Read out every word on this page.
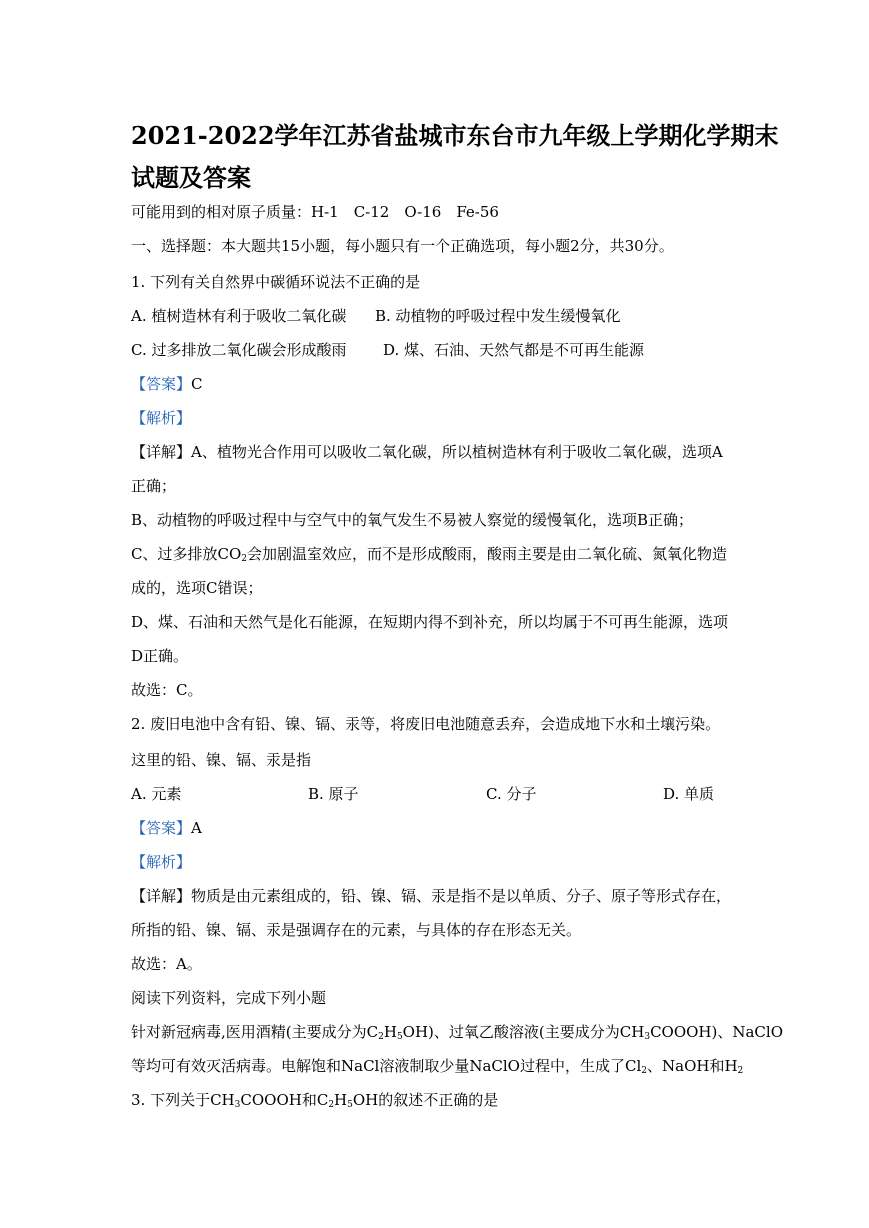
2021-2022学年江苏省盐城市东台市九年级上学期化学期末
试题及答案
可能用到的相对原子质量：H-1　C-12　O-16　Fe-56
一、选择题：本大题共15小题，每小题只有一个正确选项，每小题2分，共30分。
1. 下列有关自然界中碳循环说法不正确的是
A. 植树造林有利于吸收二氧化碳 B. 动植物的呼吸过程中发生缓慢氧化
C. 过多排放二氧化碳会形成酸雨 D. 煤、石油、天然气都是不可再生能源
【答案】C
【解析】
【详解】A、植物光合作用可以吸收二氧化碳，所以植树造林有利于吸收二氧化碳，选项A
正确；
B、动植物的呼吸过程中与空气中的氧气发生不易被人察觉的缓慢氧化，选项B正确；
C、过多排放$CO_2$会加剧温室效应，而不是形成酸雨，酸雨主要是由二氧化硫、氮氧化物造
成的，选项C错误；
D、煤、石油和天然气是化石能源，在短期内得不到补充，所以均属于不可再生能源，选项
D正确。
故选：C。
2. 废旧电池中含有铅、镍、镉、汞等，将废旧电池随意丢弃，会造成地下水和土壤污染。
这里的铅、镍、镉、汞是指
A. 元素	B. 原子	C. 分子	D. 单质
【答案】A
【解析】
【详解】物质是由元素组成的，铅、镍、镉、汞是指不是以单质、分子、原子等形式存在，
所指的铅、镍、镉、汞是强调存在的元素，与具体的存在形态无关。
故选：A。
阅读下列资料，完成下列小题
针对新冠病毒,医用酒精(主要成分为$C_2H_5OH$)、过氧乙酸溶液(主要成分为$CH_3COOOH$)、NaClO
等均可有效灭活病毒。电解饱和NaCl溶液制取少量NaClO过程中，生成了$Cl_2$、NaOH和$H_2$
3. 下列关于$CH_3COOOH$和$C_2H_5OH$的叙述不正确的是
